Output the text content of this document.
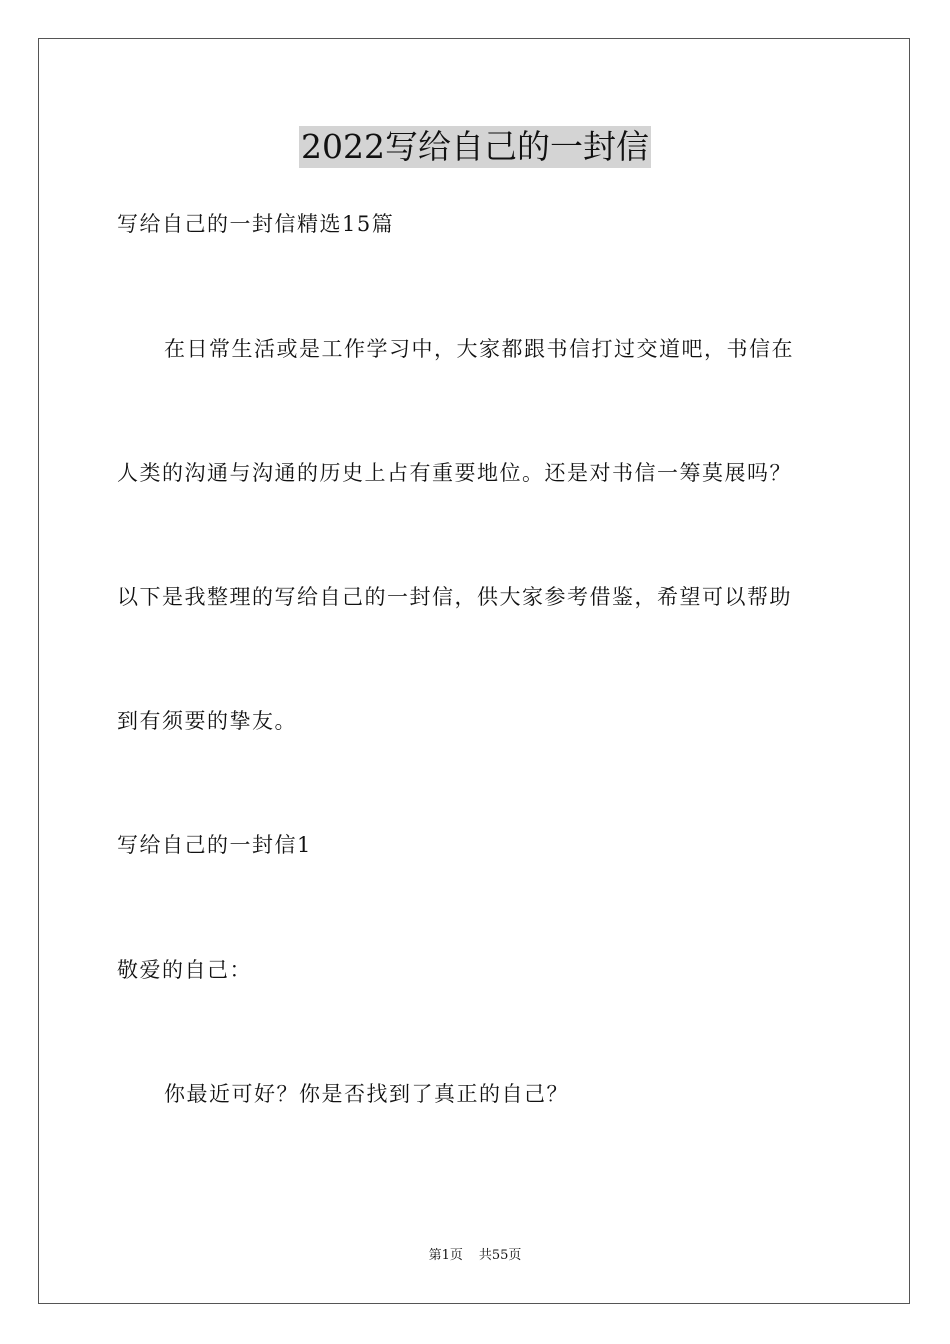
2022写给自己的一封信
写给自己的一封信精选15篇
在日常生活或是工作学习中，大家都跟书信打过交道吧，书信在
人类的沟通与沟通的历史上占有重要地位。还是对书信一筹莫展吗？
以下是我整理的写给自己的一封信，供大家参考借鉴，希望可以帮助
到有须要的挚友。
写给自己的一封信1
敬爱的自己：
你最近可好？你是否找到了真正的自己？
第1页 共55页
